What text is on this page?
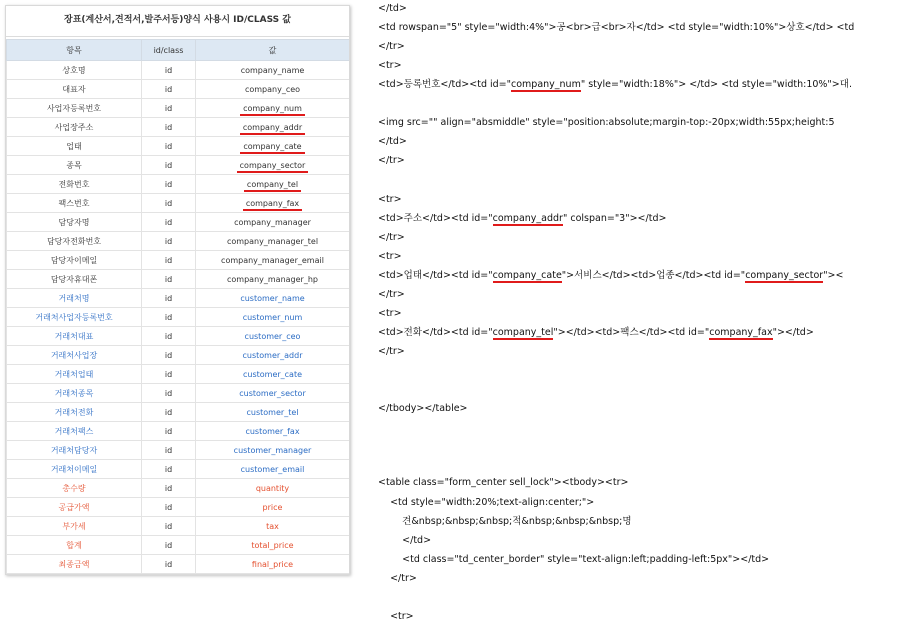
장표(계산서,견적서,발주서등)양식 사용시 ID/CLASS 값
항목	id/class	값
상호명	id	company_name
대표자	id	company_ceo
사업자등록번호	id	company_num
사업장주소	id	company_addr
업태	id	company_cate
종목	id	company_sector
전화번호	id	company_tel
팩스번호	id	company_fax
담당자명	id	company_manager
담당자전화번호	id	company_manager_tel
담당자이메일	id	company_manager_email
담당자휴대폰	id	company_manager_hp
거래처명	id	customer_name
거래처사업자등록번호	id	customer_num
거래처대표	id	customer_ceo
거래처사업장	id	customer_addr
거래처업태	id	customer_cate
거래처종목	id	customer_sector
거래처전화	id	customer_tel
거래처팩스	id	customer_fax
거래처담당자	id	customer_manager
거래처이메일	id	customer_email
총수량	id	quantity
공급가액	id	price
부가세	id	tax
합계	id	total_price
최종금액	id	final_price
</td>
<td rowspan="5" style="width:4%">공<br>급<br>자</td> <td style="width:10%">상호</td> <td
</tr>
<tr>
<td>등록번호</td><td id="company_num" style="width:18%"> </td> <td style="width:10%">대.
<img src="" align="absmiddle" style="position:absolute;margin-top:-20px;width:55px;height:5
</td>
</tr>
<tr>
<td>주소</td><td id="company_addr" colspan="3"></td>
</tr>
<tr>
<td>업태</td><td id="company_cate">서비스</td><td>업종</td><td id="company_sector"><
</tr>
<tr>
<td>전화</td><td id="company_tel"></td><td>팩스</td><td id="company_fax"></td>
</tr>
</tbody></table>
<table class="form_center sell_lock"><tbody><tr>
<td style="width:20%;text-align:center;">
견&nbsp;&nbsp;&nbsp;적&nbsp;&nbsp;&nbsp;명
</td>
<td class="td_center_border" style="text-align:left;padding-left:5px"></td>
</tr>
<tr>
